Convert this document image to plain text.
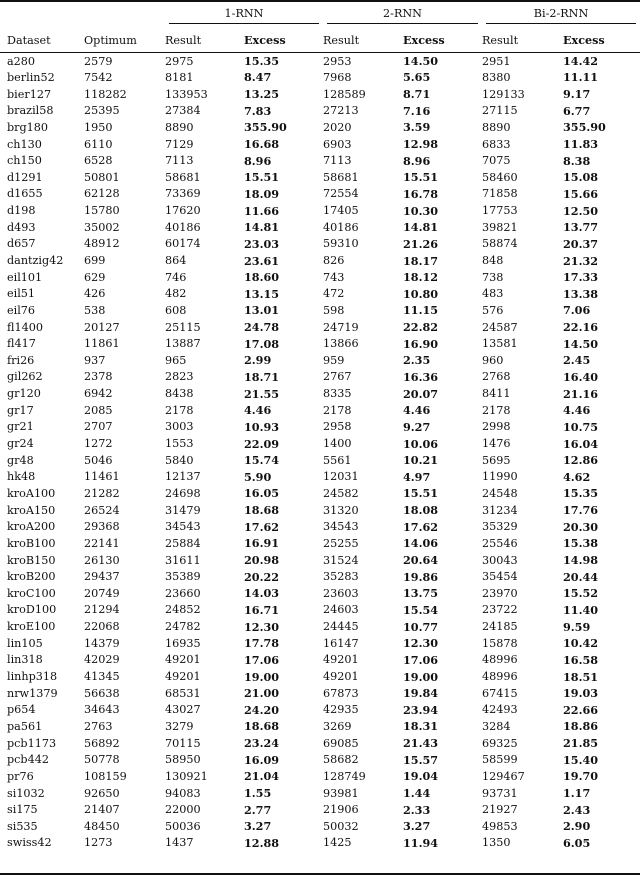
		1-RNN		2-RNN		Bi-2-RNN	

Dataset	Optimum	Result	Excess	Result	Excess	Result	Excess
a280	2579	2975	15.35	2953	14.50	2951	14.42
berlin52	7542	8181	8.47	7968	5.65	8380	11.11
bier127	118282	133953	13.25	128589	8.71	129133	9.17
brazil58	25395	27384	7.83	27213	7.16	27115	6.77
brg180	1950	8890	355.90	2020	3.59	8890	355.90
ch130	6110	7129	16.68	6903	12.98	6833	11.83
ch150	6528	7113	8.96	7113	8.96	7075	8.38
d1291	50801	58681	15.51	58681	15.51	58460	15.08
d1655	62128	73369	18.09	72554	16.78	71858	15.66
d198	15780	17620	11.66	17405	10.30	17753	12.50
d493	35002	40186	14.81	40186	14.81	39821	13.77
d657	48912	60174	23.03	59310	21.26	58874	20.37
dantzig42	699	864	23.61	826	18.17	848	21.32
eil101	629	746	18.60	743	18.12	738	17.33
eil51	426	482	13.15	472	10.80	483	13.38
eil76	538	608	13.01	598	11.15	576	7.06
fl1400	20127	25115	24.78	24719	22.82	24587	22.16
fl417	11861	13887	17.08	13866	16.90	13581	14.50
fri26	937	965	2.99	959	2.35	960	2.45
gil262	2378	2823	18.71	2767	16.36	2768	16.40
gr120	6942	8438	21.55	8335	20.07	8411	21.16
gr17	2085	2178	4.46	2178	4.46	2178	4.46
gr21	2707	3003	10.93	2958	9.27	2998	10.75
gr24	1272	1553	22.09	1400	10.06	1476	16.04
gr48	5046	5840	15.74	5561	10.21	5695	12.86
hk48	11461	12137	5.90	12031	4.97	11990	4.62
kroA100	21282	24698	16.05	24582	15.51	24548	15.35
kroA150	26524	31479	18.68	31320	18.08	31234	17.76
kroA200	29368	34543	17.62	34543	17.62	35329	20.30
kroB100	22141	25884	16.91	25255	14.06	25546	15.38
kroB150	26130	31611	20.98	31524	20.64	30043	14.98
kroB200	29437	35389	20.22	35283	19.86	35454	20.44
kroC100	20749	23660	14.03	23603	13.75	23970	15.52
kroD100	21294	24852	16.71	24603	15.54	23722	11.40
kroE100	22068	24782	12.30	24445	10.77	24185	9.59
lin105	14379	16935	17.78	16147	12.30	15878	10.42
lin318	42029	49201	17.06	49201	17.06	48996	16.58
linhp318	41345	49201	19.00	49201	19.00	48996	18.51
nrw1379	56638	68531	21.00	67873	19.84	67415	19.03
p654	34643	43027	24.20	42935	23.94	42493	22.66
pa561	2763	3279	18.68	3269	18.31	3284	18.86
pcb1173	56892	70115	23.24	69085	21.43	69325	21.85
pcb442	50778	58950	16.09	58682	15.57	58599	15.40
pr76	108159	130921	21.04	128749	19.04	129467	19.70
si1032	92650	94083	1.55	93981	1.44	93731	1.17
si175	21407	22000	2.77	21906	2.33	21927	2.43
si535	48450	50036	3.27	50032	3.27	49853	2.90
swiss42	1273	1437	12.88	1425	11.94	1350	6.05
